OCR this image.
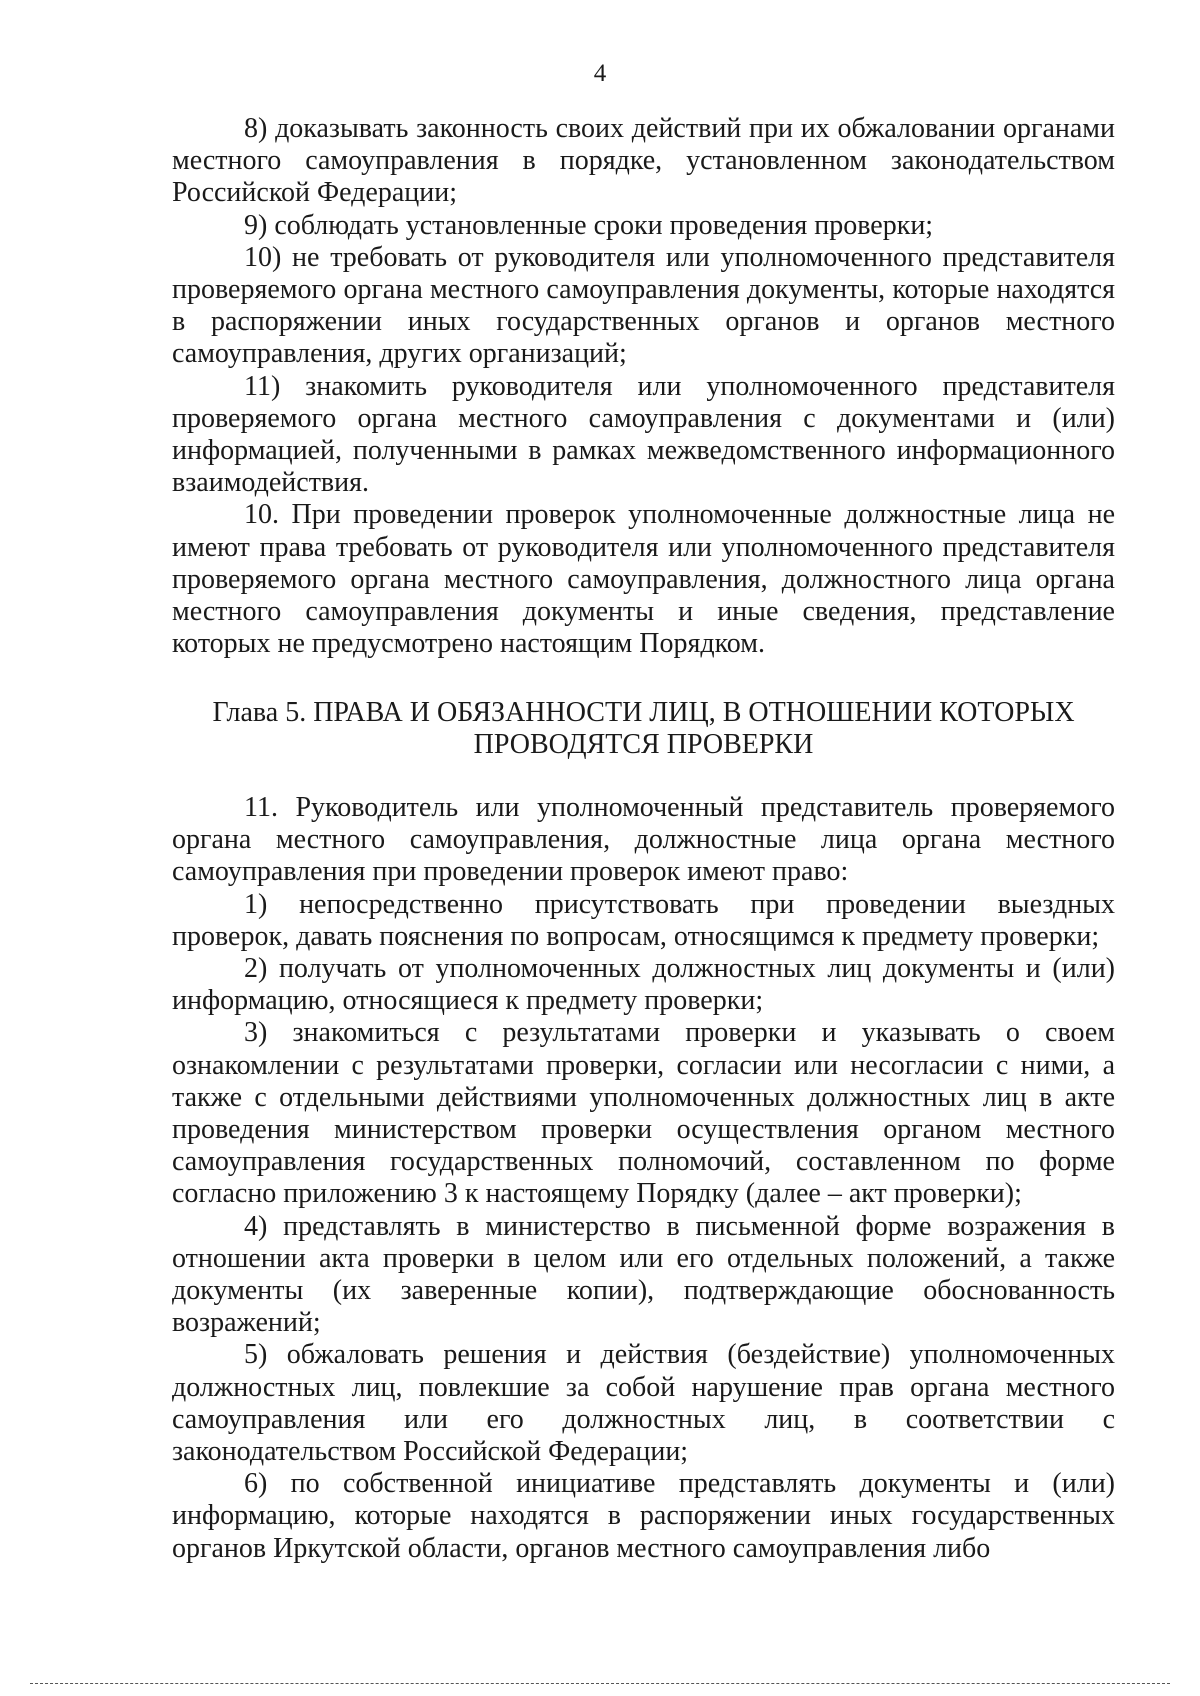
4

8) доказывать законность своих действий при их обжаловании органами местного самоуправления в порядке, установленном законодательством Российской Федерации;

9) соблюдать установленные сроки проведения проверки;

10) не требовать от руководителя или уполномоченного представителя проверяемого органа местного самоуправления документы, которые находятся в распоряжении иных государственных органов и органов местного самоуправления, других организаций;

11) знакомить руководителя или уполномоченного представителя проверяемого органа местного самоуправления с документами и (или) информацией, полученными в рамках межведомственного информационного взаимодействия.

10. При проведении проверок уполномоченные должностные лица не имеют права требовать от руководителя или уполномоченного представителя проверяемого органа местного самоуправления, должностного лица органа местного самоуправления документы и иные сведения, представление которых не предусмотрено настоящим Порядком.

Глава 5. ПРАВА И ОБЯЗАННОСТИ ЛИЦ, В ОТНОШЕНИИ КОТОРЫХ
ПРОВОДЯТСЯ ПРОВЕРКИ

11. Руководитель или уполномоченный представитель проверяемого органа местного самоуправления, должностные лица органа местного самоуправления при проведении проверок имеют право:

1) непосредственно присутствовать при проведении выездных проверок, давать пояснения по вопросам, относящимся к предмету проверки;

2) получать от уполномоченных должностных лиц документы и (или) информацию, относящиеся к предмету проверки;

3) знакомиться с результатами проверки и указывать о своем ознакомлении с результатами проверки, согласии или несогласии с ними, а также с отдельными действиями уполномоченных должностных лиц в акте проведения министерством проверки осуществления органом местного самоуправления государственных полномочий, составленном по форме согласно приложению 3 к настоящему Порядку (далее – акт проверки);

4) представлять в министерство в письменной форме возражения в отношении акта проверки в целом или его отдельных положений, а также документы (их заверенные копии), подтверждающие обоснованность возражений;

5) обжаловать решения и действия (бездействие) уполномоченных должностных лиц, повлекшие за собой нарушение прав органа местного самоуправления или его должностных лиц, в соответствии с законодательством Российской Федерации;

6) по собственной инициативе представлять документы и (или) информацию, которые находятся в распоряжении иных государственных органов Иркутской области, органов местного самоуправления либо
